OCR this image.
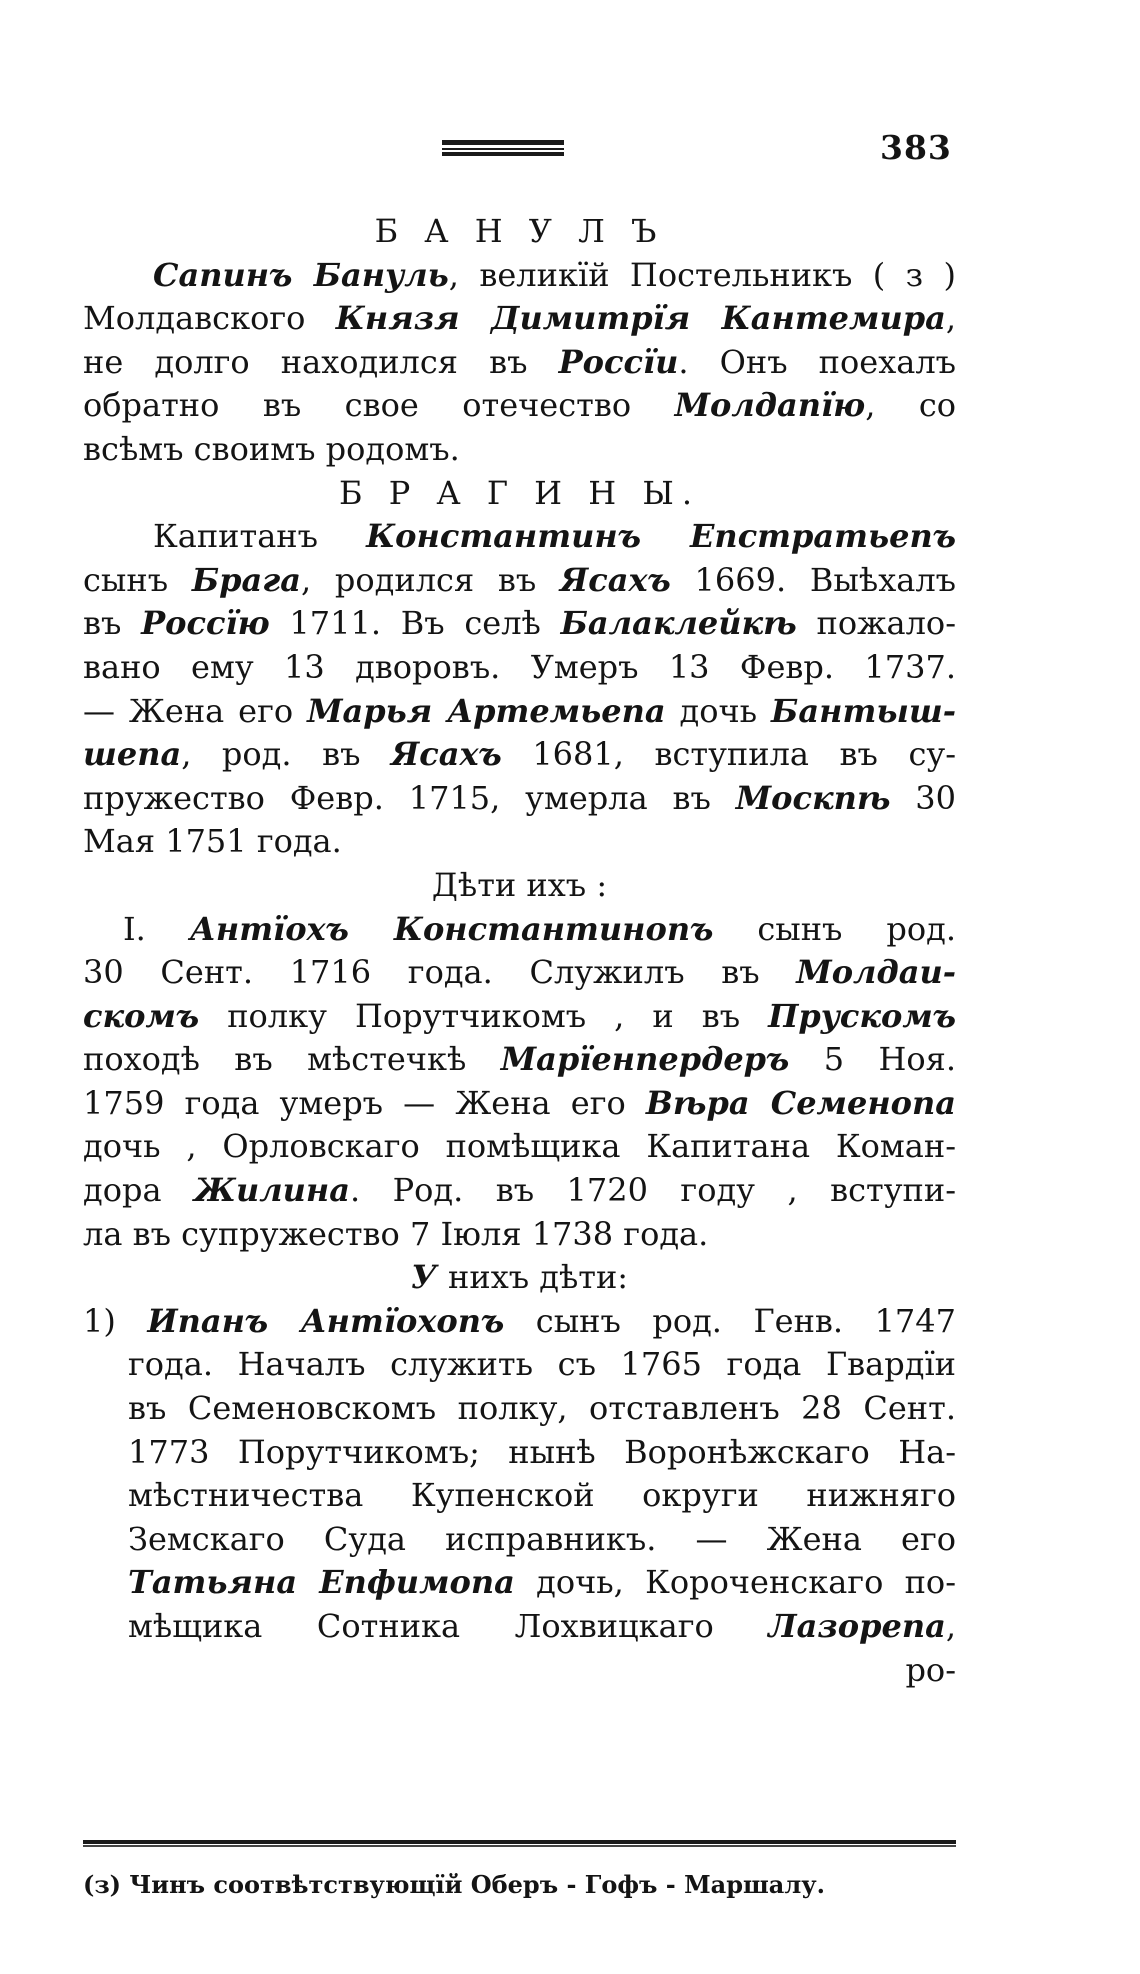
383
Б А Н У Л Ъ
Сапинъ Бануль, великїй Постельникъ ( з )
Молдавского Князя Димитрїя Кантемира,
не долго находился въ Россїи. Онъ поехалъ
обратно въ свое отечество Молдапїю, со
всѣмъ своимъ родомъ.
Б Р А Г И Н Ы.
Капитанъ Константинъ Епстратьепъ
сынъ Брага, родился въ Ясахъ 1669. Выѣхалъ
въ Россїю 1711. Въ селѣ Балаклейкѣ пожало-
вано ему 13 дворовъ. Умеръ 13 Февр. 1737.
— Жена его Марья Артемьепа дочь Бантыш-
шепа, род. въ Ясахъ 1681, вступила въ су-
пружество Февр. 1715, умерла въ Москпѣ 30
Мая 1751 года.
Дѣти ихъ :
I. Антїохъ Константинопъ сынъ род.
30 Сент. 1716 года. Служилъ въ Молдаи-
скомъ полку Порутчикомъ , и въ Прускомъ
походѣ въ мѣстечкѣ Марїенпердеръ 5 Ноя.
1759 года умеръ — Жена его Вѣра Семенопа
дочь , Орловскаго помѣщика Капитана Коман-
дора Жилина. Род. въ 1720 году , вступи-
ла въ супружество 7 Іюля 1738 года.
У нихъ дѣти:
1) Ипанъ Антїохопъ сынъ род. Генв. 1747
года. Началъ служить съ 1765 года Гвардїи
въ Семеновскомъ полку, отставленъ 28 Сент.
1773 Порутчикомъ; нынѣ Воронѣжскаго На-
мѣстничества Купенской округи нижняго
Земскаго Суда исправникъ. — Жена его
Татьяна Епфимопа дочь, Короченскаго по-
мѣщика Сотника Лохвицкаго Лазорепа,
ро-
(з) Чинъ соотвѣтствующїй Оберъ - Гофъ - Маршалу.
